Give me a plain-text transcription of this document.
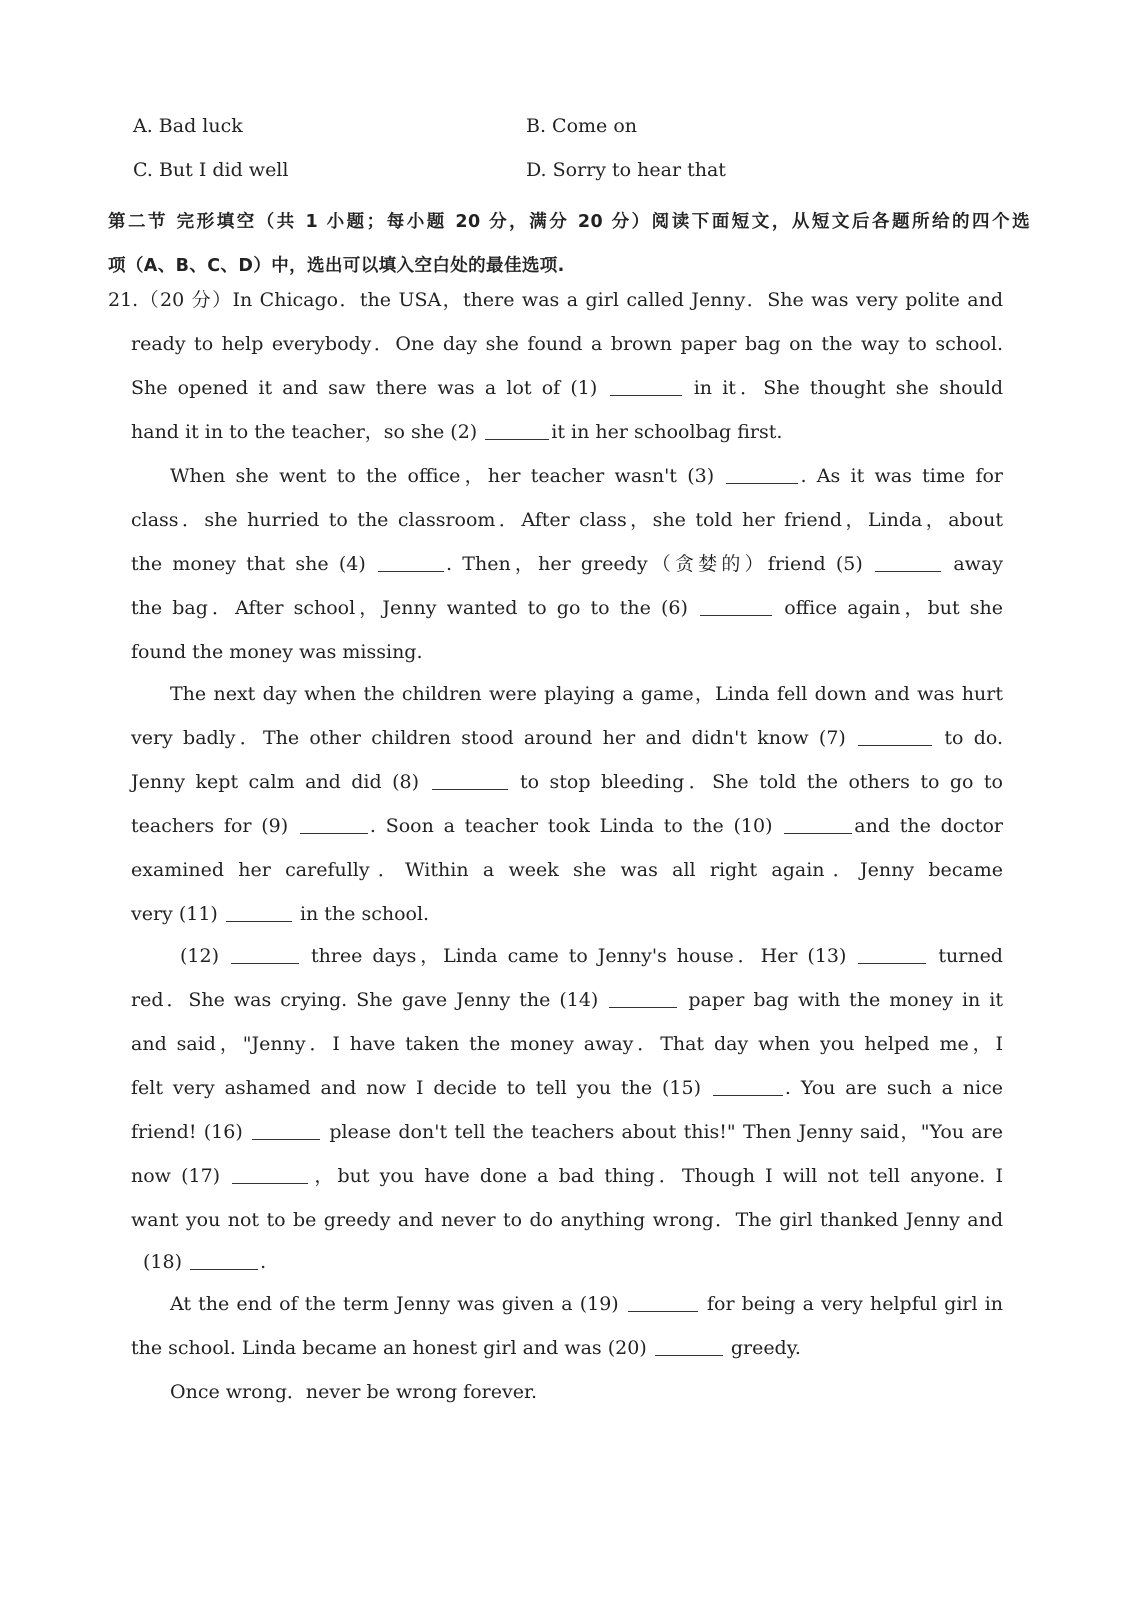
A. Bad luck	B. Come on
C. But I did well	D. Sorry to hear that
第二节 完形填空（共 1 小题；每小题 20 分，满分 20 分）阅读下面短文，从短文后各题所给的四个选
项（A、B、C、D）中，选出可以填入空白处的最佳选项.
21.（20 分）In Chicago．the USA，there was a girl called Jenny．She was very polite and
ready to help everybody．One day she found a brown paper bag on the way to school.
She opened it and saw there was a lot of (1)	in it．She thought she should
hand it in to the teacher，so she (2)	it in her schoolbag first.
When she went to the office，her teacher wasn't (3)	. As it was time for
class．she hurried to the classroom．After class，she told her friend，Linda，about
the money that she (4)	. Then，her greedy（贪婪的）friend (5)	away
the bag．After school，Jenny wanted to go to the (6)	office again，but she
found the money was missing.
The next day when the children were playing a game，Linda fell down and was hurt
very badly．The other children stood around her and didn't know (7)	to do.
Jenny kept calm and did (8)	to stop bleeding．She told the others to go to
teachers for (9)	. Soon a teacher took Linda to the (10)	and the doctor
examined her carefully．Within a week she was all right again．Jenny became
very (11)	in the school.
(12)	three days，Linda came to Jenny's house．Her (13)	turned
red．She was crying. She gave Jenny the (14)	paper bag with the money in it
and said，"Jenny．I have taken the money away．That day when you helped me，I
felt very ashamed and now I decide to tell you the (15)	. You are such a nice
friend! (16)	please don't tell the teachers about this!" Then Jenny said，"You are
now (17)	，but you have done a bad thing．Though I will not tell anyone. I
want you not to be greedy and never to do anything wrong．The girl thanked Jenny and
(18)	.
At the end of the term Jenny was given a (19)	for being a very helpful girl in
the school. Linda became an honest girl and was (20)	greedy.
Once wrong．never be wrong forever.
